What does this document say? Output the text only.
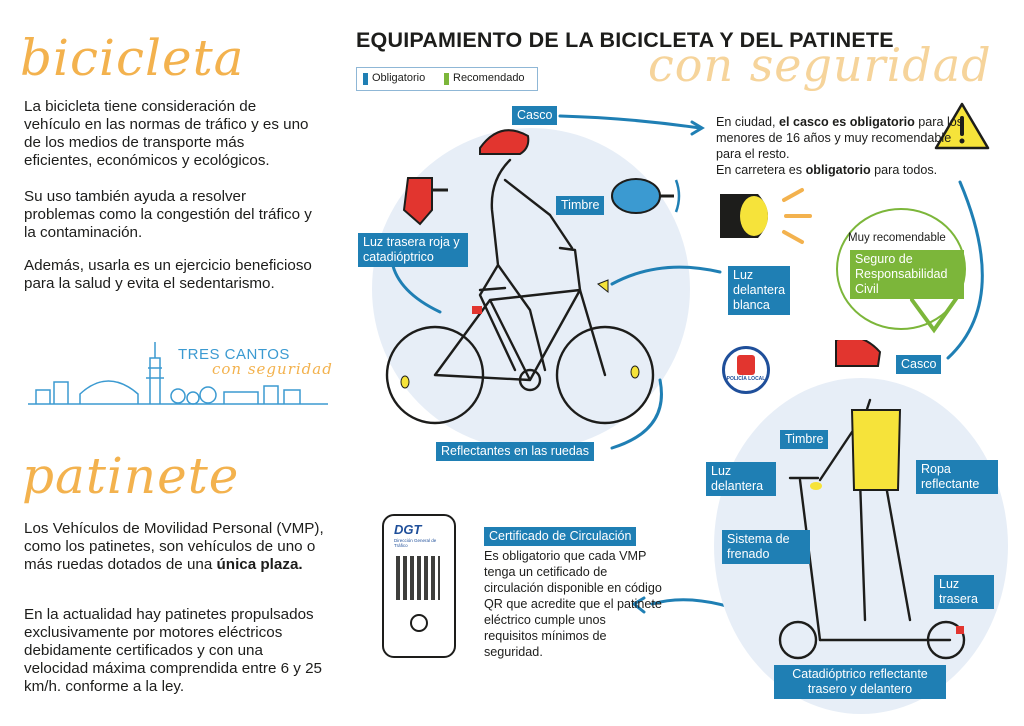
bicicleta
La bicicleta tiene consideración de vehículo en las normas de tráfico y es uno de los medios de transporte más eficientes, económicos y ecológicos.
Su uso también ayuda a resolver problemas como la congestión del tráfico y la contaminación.
Además, usarla es un ejercicio beneficioso para la salud y evita el sedentarismo.
TRES CANTOS
con seguridad
patinete
Los Vehículos de Movilidad Personal (VMP), como los patinetes, son vehículos de uno o más ruedas dotados de una única plaza.
En la actualidad hay patinetes propulsados exclusivamente por motores eléctricos debidamente certificados y con una velocidad máxima comprendida entre 6 y 25 km/h. conforme a la ley.
EQUIPAMIENTO DE LA BICICLETA Y DEL PATINETE
con seguridad
Obligatorio	Recomendado
Casco	En ciudad, el casco es obligatorio para los menores de 16 años y muy recomendable para el resto.
En carretera es obligatorio para todos.
Timbre
Luz trasera roja y catadióptrico
Luz delantera blanca
Reflectantes en las ruedas
Muy recomendable
Seguro de Responsabilidad Civil
POLICÍA LOCAL
Casco
Timbre
Luz delantera
Ropa reflectante
Sistema de frenado
Luz trasera
Catadióptrico reflectante trasero y delantero
DGT
Dirección General de Tráfico
Certificado de Circulación
Es obligatorio que cada VMP tenga un cetificado de circulación disponible en código QR que acredite que el patinete eléctrico cumple unos requisitos mínimos de seguridad.
